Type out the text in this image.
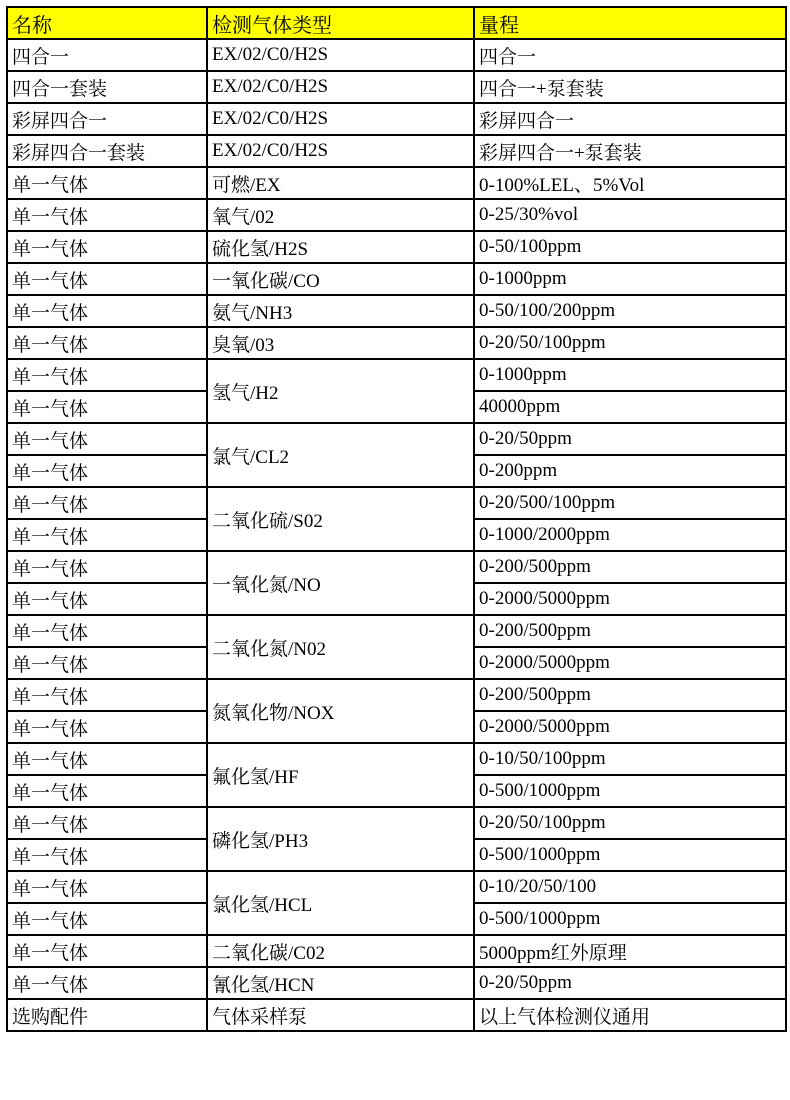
名称	检测气体类型	量程
四合一	EX/02/C0/H2S	四合一
四合一套装	EX/02/C0/H2S	四合一+泵套装
彩屏四合一	EX/02/C0/H2S	彩屏四合一
彩屏四合一套装	EX/02/C0/H2S	彩屏四合一+泵套装
单一气体	可燃/EX	0-100%LEL、5%Vol
单一气体	氧气/02	0-25/30%vol
单一气体	硫化氢/H2S	0-50/100ppm
单一气体	一氧化碳/CO	0-1000ppm
单一气体	氨气/NH3	0-50/100/200ppm
单一气体	臭氧/03	0-20/50/100ppm
单一气体	氢气/H2	0-1000ppm
单一气体		40000ppm
单一气体	氯气/CL2	0-20/50ppm
单一气体		0-200ppm
单一气体	二氧化硫/S02	0-20/500/100ppm
单一气体		0-1000/2000ppm
单一气体	一氧化氮/NO	0-200/500ppm
单一气体		0-2000/5000ppm
单一气体	二氧化氮/N02	0-200/500ppm
单一气体		0-2000/5000ppm
单一气体	氮氧化物/NOX	0-200/500ppm
单一气体		0-2000/5000ppm
单一气体	氟化氢/HF	0-10/50/100ppm
单一气体		0-500/1000ppm
单一气体	磷化氢/PH3	0-20/50/100ppm
单一气体		0-500/1000ppm
单一气体	氯化氢/HCL	0-10/20/50/100
单一气体		0-500/1000ppm
单一气体	二氧化碳/C02	5000ppm红外原理
单一气体	氰化氢/HCN	0-20/50ppm
选购配件	气体采样泵	以上气体检测仪通用
